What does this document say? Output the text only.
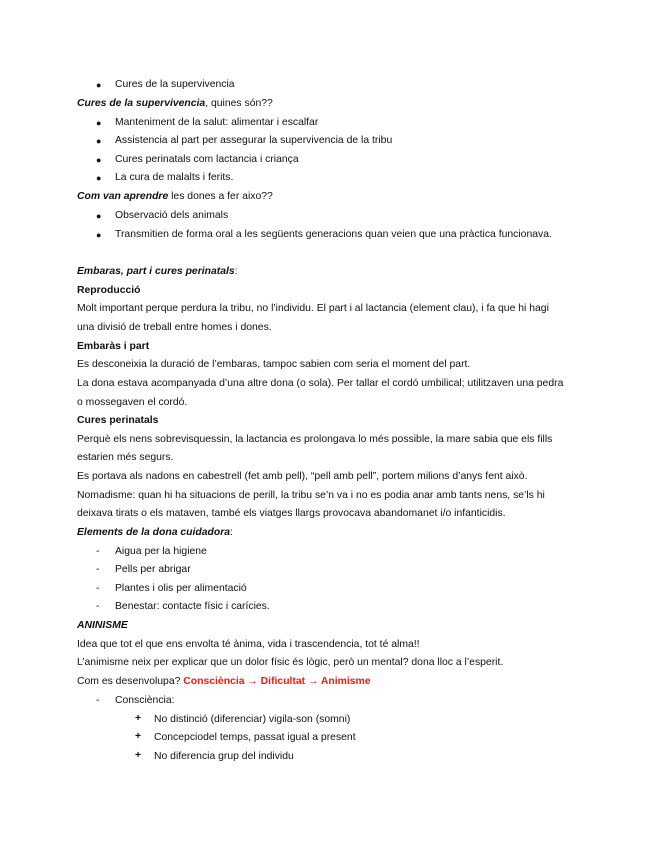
● Cures de la supervivencia
Cures de la supervivencia, quines són??
● Manteniment de la salut: alimentar i escalfar
● Assistencia al part per assegurar la supervivencia de la tribu
● Cures perinatals com lactancia i criança
● La cura de malalts i ferits.
Com van aprendre les dones a fer aixo??
● Observació dels animals
● Transmitien de forma oral a les següents generacions quan veien que una pràctica funcionava.
Embaras, part i cures perinatals:
Reproducció
Molt important perque perdura la tribu, no l’individu. El part i al lactancia (element clau), i fa que hi hagi
una divisió de treball entre homes i dones.
Embaràs i part
Es desconeixia la duració de l’embaras, tampoc sabien com seria el moment del part.
La dona estava acompanyada d’una altre dona (o sola). Per tallar el cordó umbilical; utilitzaven una pedra
o mossegaven el cordó.
Cures perinatals
Perquè els nens sobrevisquessin, la lactancia es prolongava lo més possible, la mare sabia que els fills
estarien més segurs.
Es portava als nadons en cabestrell (fet amb pell), “pell amb pell”, portem milions d’anys fent això.
Nomadisme: quan hi ha situacions de perill, la tribu se’n va i no es podia anar amb tants nens, se’ls hi
deixava tirats o els mataven, també els viatges llargs provocava abandomanet i/o infanticidis.
Elements de la dona cuidadora:
- Aigua per la higiene
- Pells per abrigar
- Plantes i olis per alimentació
- Benestar: contacte físic i carícies.
ANINISME
Idea que tot el que ens envolta té ànima, vida i trascendencia, tot té alma!!
L’animisme neix per explicar que un dolor físic és lògic, però un mental? dona lloc a l’esperit.
Com es desenvolupa? Consciència → Dificultat → Animisme
- Consciència:
+ No distinció (diferenciar) vigila-son (somni)
+ Concepciodel temps, passat igual a present
+ No diferencia grup del individu
